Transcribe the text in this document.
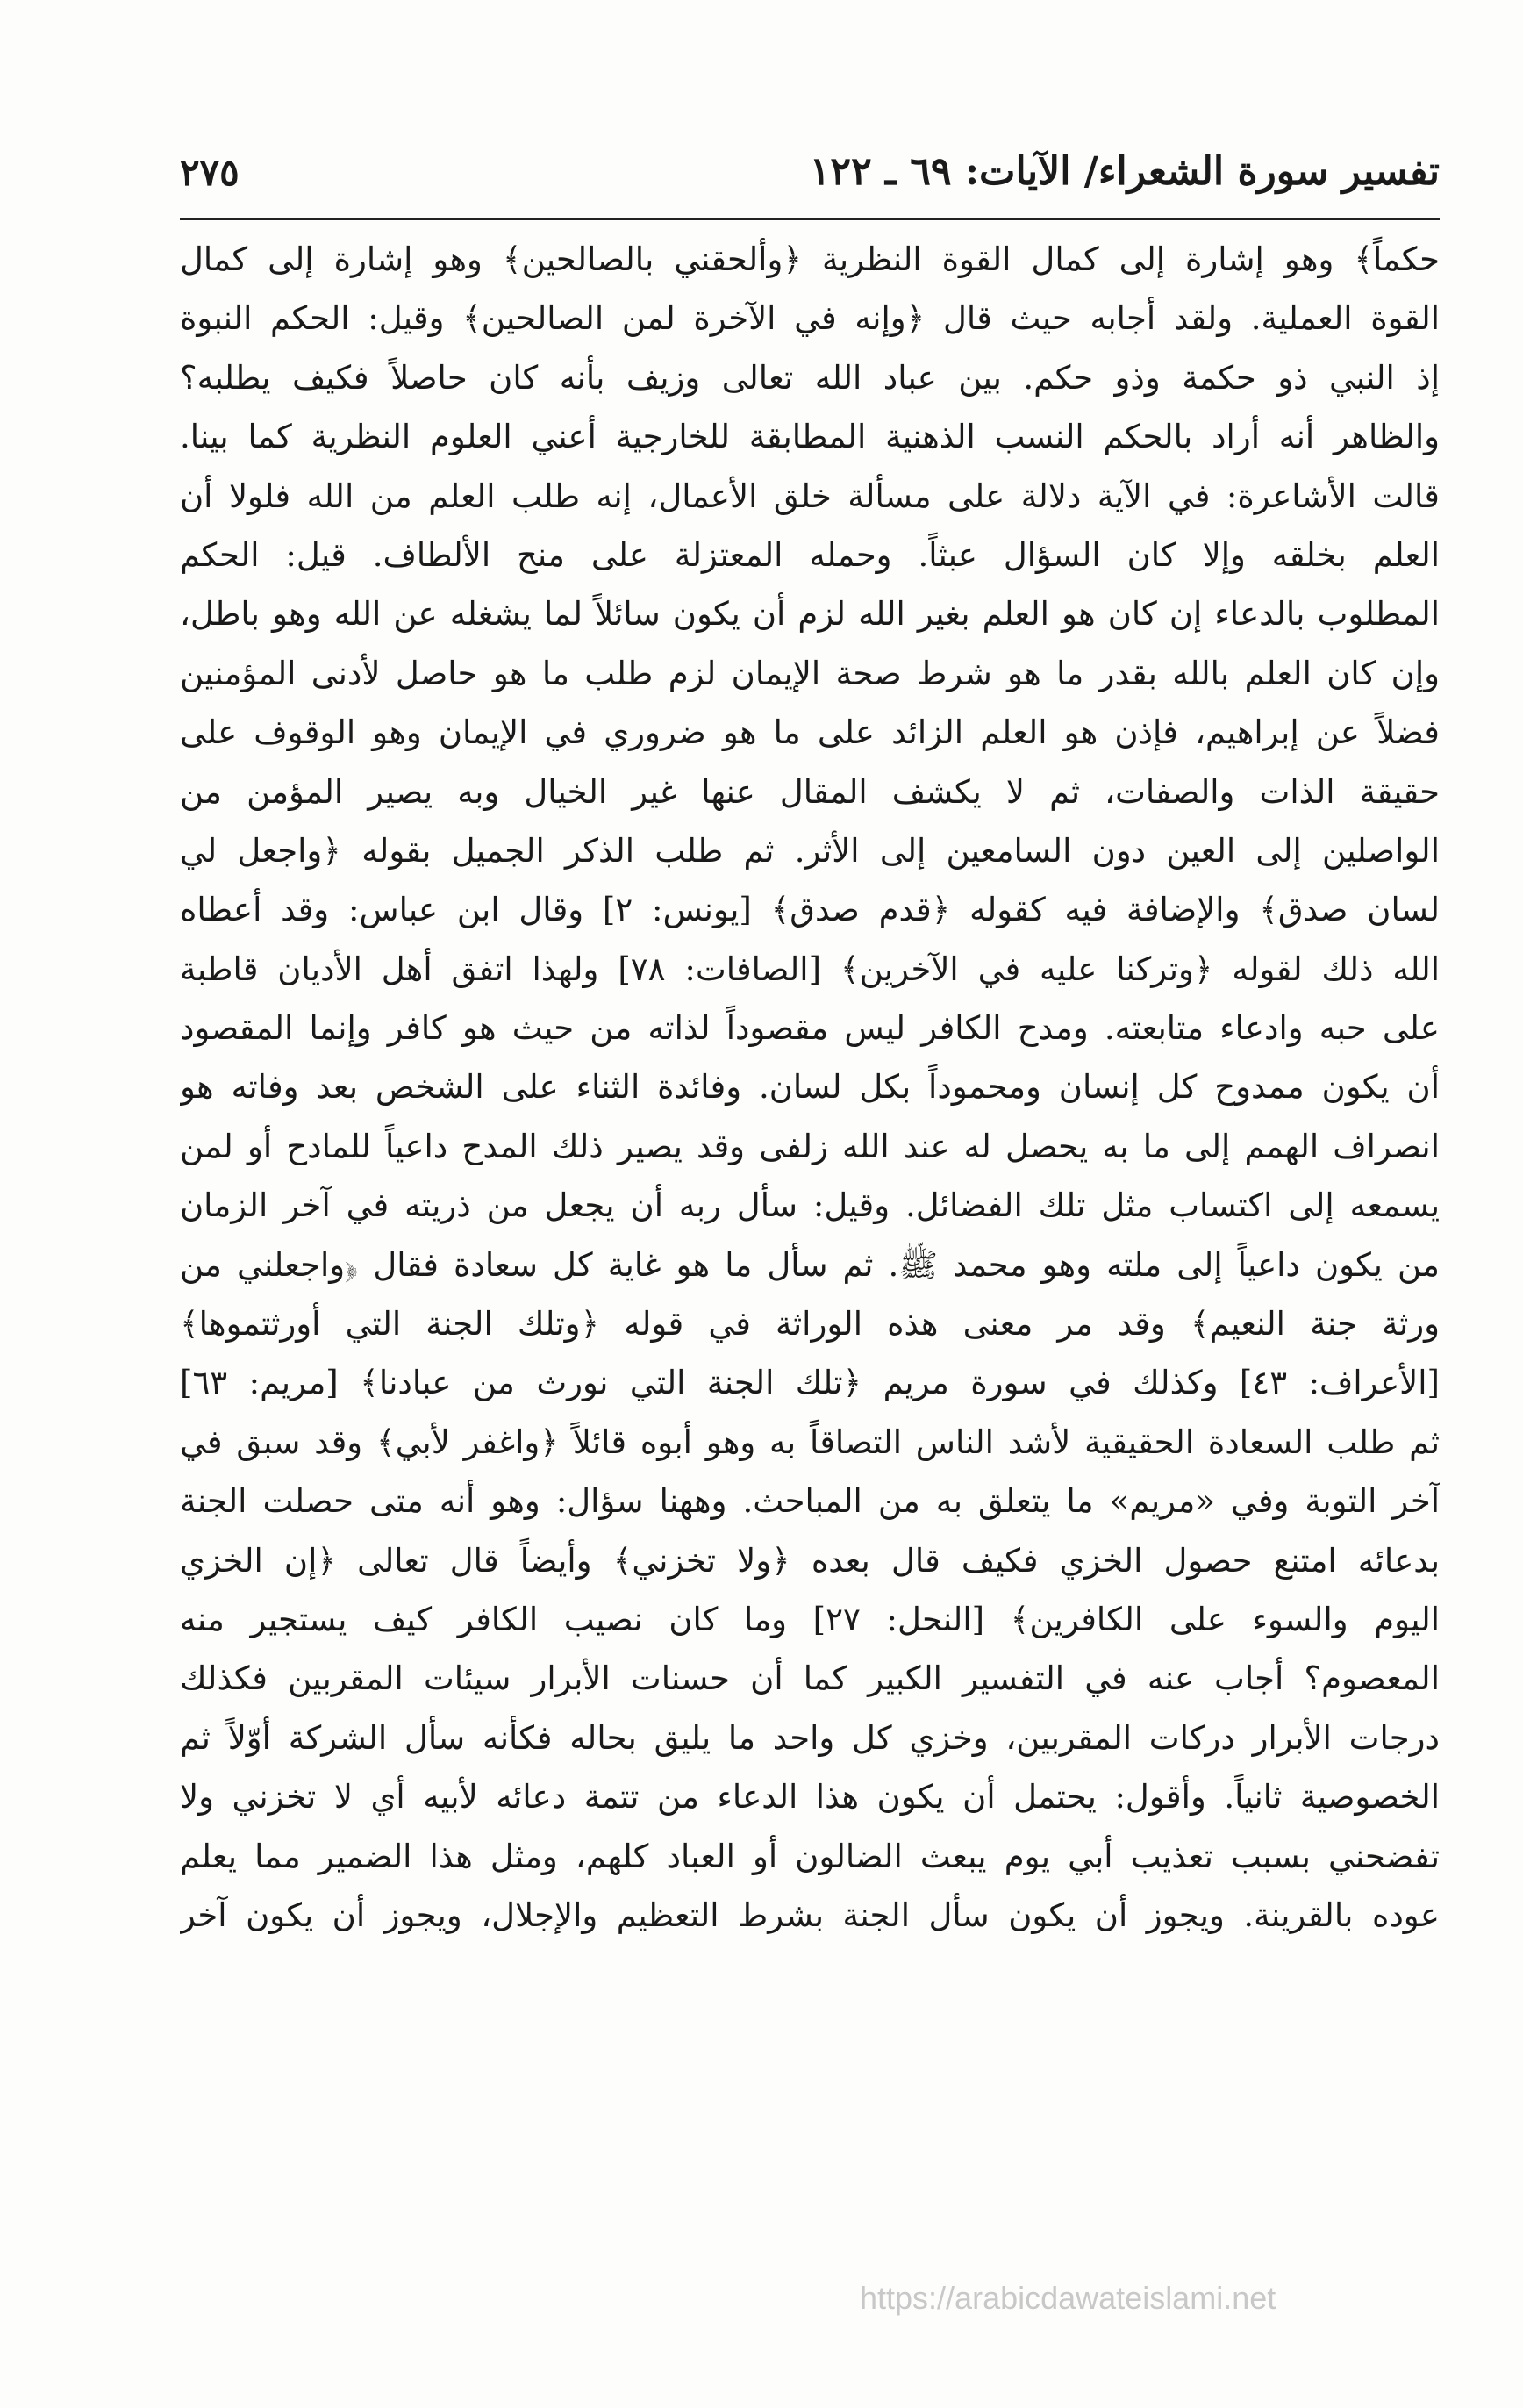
تفسير سورة الشعراء/ الآيات: ٦٩ ـ ١٢٢
٢٧٥
حكماً﴾ وهو إشارة إلى كمال القوة النظرية ﴿وألحقني بالصالحين﴾ وهو إشارة إلى كمال
القوة العملية. ولقد أجابه حيث قال ﴿وإنه في الآخرة لمن الصالحين﴾ وقيل: الحكم النبوة
إذ النبي ذو حكمة وذو حكم. بين عباد الله تعالى وزيف بأنه كان حاصلاً فكيف يطلبه؟
والظاهر أنه أراد بالحكم النسب الذهنية المطابقة للخارجية أعني العلوم النظرية كما بينا.
قالت الأشاعرة: في الآية دلالة على مسألة خلق الأعمال، إنه طلب العلم من الله فلولا أن
العلم بخلقه وإلا كان السؤال عبثاً. وحمله المعتزلة على منح الألطاف. قيل: الحكم
المطلوب بالدعاء إن كان هو العلم بغير الله لزم أن يكون سائلاً لما يشغله عن الله وهو باطل،
وإن كان العلم بالله بقدر ما هو شرط صحة الإيمان لزم طلب ما هو حاصل لأدنى المؤمنين
فضلاً عن إبراهيم، فإذن هو العلم الزائد على ما هو ضروري في الإيمان وهو الوقوف على
حقيقة الذات والصفات، ثم لا يكشف المقال عنها غير الخيال وبه يصير المؤمن من
الواصلين إلى العين دون السامعين إلى الأثر. ثم طلب الذكر الجميل بقوله ﴿واجعل لي
لسان صدق﴾ والإضافة فيه كقوله ﴿قدم صدق﴾ [يونس: ٢] وقال ابن عباس: وقد أعطاه
الله ذلك لقوله ﴿وتركنا عليه في الآخرين﴾ [الصافات: ٧٨] ولهذا اتفق أهل الأديان قاطبة
على حبه وادعاء متابعته. ومدح الكافر ليس مقصوداً لذاته من حيث هو كافر وإنما المقصود
أن يكون ممدوح كل إنسان ومحموداً بكل لسان. وفائدة الثناء على الشخص بعد وفاته هو
انصراف الهمم إلى ما به يحصل له عند الله زلفى وقد يصير ذلك المدح داعياً للمادح أو لمن
يسمعه إلى اكتساب مثل تلك الفضائل. وقيل: سأل ربه أن يجعل من ذريته في آخر الزمان
من يكون داعياً إلى ملته وهو محمد ﷺ. ثم سأل ما هو غاية كل سعادة فقال ﴿واجعلني من
ورثة جنة النعيم﴾ وقد مر معنى هذه الوراثة في قوله ﴿وتلك الجنة التي أورثتموها﴾
[الأعراف: ٤٣] وكذلك في سورة مريم ﴿تلك الجنة التي نورث من عبادنا﴾ [مريم: ٦٣]
ثم طلب السعادة الحقيقية لأشد الناس التصاقاً به وهو أبوه قائلاً ﴿واغفر لأبي﴾ وقد سبق في
آخر التوبة وفي «مريم» ما يتعلق به من المباحث. وههنا سؤال: وهو أنه متى حصلت الجنة
بدعائه امتنع حصول الخزي فكيف قال بعده ﴿ولا تخزني﴾ وأيضاً قال تعالى ﴿إن الخزي
اليوم والسوء على الكافرين﴾ [النحل: ٢٧] وما كان نصيب الكافر كيف يستجير منه
المعصوم؟ أجاب عنه في التفسير الكبير كما أن حسنات الأبرار سيئات المقربين فكذلك
درجات الأبرار دركات المقربين، وخزي كل واحد ما يليق بحاله فكأنه سأل الشركة أوّلاً ثم
الخصوصية ثانياً. وأقول: يحتمل أن يكون هذا الدعاء من تتمة دعائه لأبيه أي لا تخزني ولا
تفضحني بسبب تعذيب أبي يوم يبعث الضالون أو العباد كلهم، ومثل هذا الضمير مما يعلم
عوده بالقرينة. ويجوز أن يكون سأل الجنة بشرط التعظيم والإجلال، ويجوز أن يكون آخر
https://arabicdawateislami.net
